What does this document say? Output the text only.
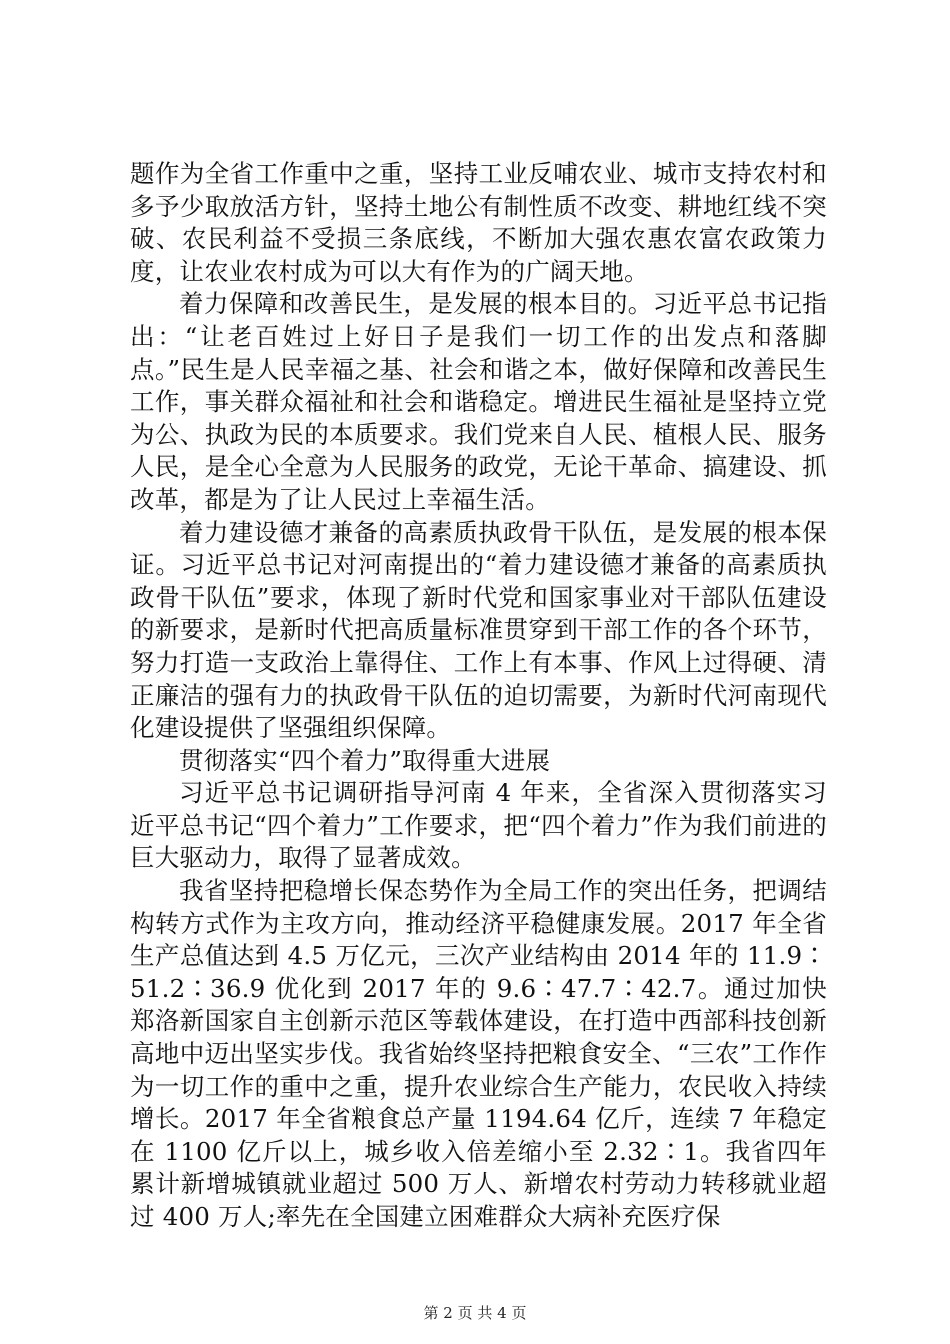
题作为全省工作重中之重，坚持工业反哺农业、城市支持农村和多予少取放活方针，坚持土地公有制性质不改变、耕地红线不突破、农民利益不受损三条底线，不断加大强农惠农富农政策力度，让农业农村成为可以大有作为的广阔天地。

着力保障和改善民生，是发展的根本目的。习近平总书记指出：“让老百姓过上好日子是我们一切工作的出发点和落脚点。”民生是人民幸福之基、社会和谐之本，做好保障和改善民生工作，事关群众福祉和社会和谐稳定。增进民生福祉是坚持立党为公、执政为民的本质要求。我们党来自人民、植根人民、服务人民，是全心全意为人民服务的政党，无论干革命、搞建设、抓改革，都是为了让人民过上幸福生活。

着力建设德才兼备的高素质执政骨干队伍，是发展的根本保证。习近平总书记对河南提出的“着力建设德才兼备的高素质执政骨干队伍”要求，体现了新时代党和国家事业对干部队伍建设的新要求，是新时代把高质量标准贯穿到干部工作的各个环节，努力打造一支政治上靠得住、工作上有本事、作风上过得硬、清正廉洁的强有力的执政骨干队伍的迫切需要，为新时代河南现代化建设提供了坚强组织保障。

贯彻落实“四个着力”取得重大进展

习近平总书记调研指导河南 4 年来，全省深入贯彻落实习近平总书记“四个着力”工作要求，把“四个着力”作为我们前进的巨大驱动力，取得了显著成效。

我省坚持把稳增长保态势作为全局工作的突出任务，把调结构转方式作为主攻方向，推动经济平稳健康发展。2017 年全省生产总值达到 4.5 万亿元，三次产业结构由 2014 年的 11.9∶51.2∶36.9 优化到 2017 年的 9.6∶47.7∶42.7。通过加快郑洛新国家自主创新示范区等载体建设，在打造中西部科技创新高地中迈出坚实步伐。我省始终坚持把粮食安全、“三农”工作作为一切工作的重中之重，提升农业综合生产能力，农民收入持续增长。2017 年全省粮食总产量 1194.64 亿斤，连续 7 年稳定在 1100 亿斤以上，城乡收入倍差缩小至 2.32∶1。我省四年累计新增城镇就业超过 500 万人、新增农村劳动力转移就业超过 400 万人;率先在全国建立困难群众大病补充医疗保

第 2 页 共 4 页
